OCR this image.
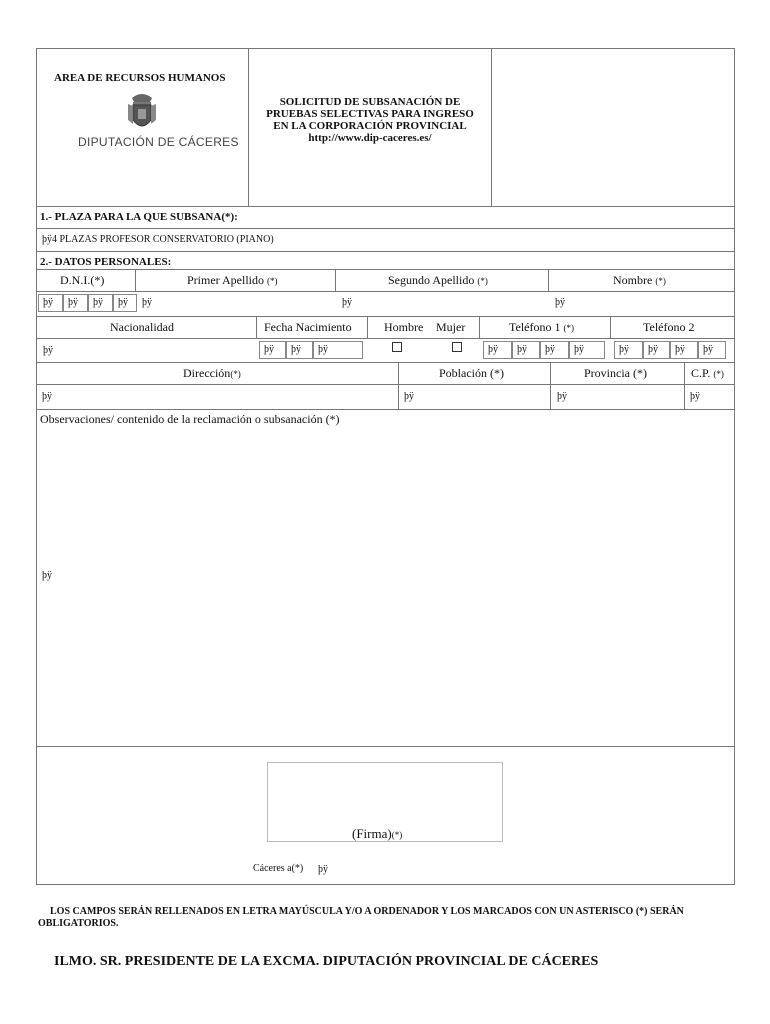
AREA DE RECURSOS HUMANOS
DIPUTACIÓN DE CÁCERES
SOLICITUD DE SUBSANACIÓN DE
PRUEBAS SELECTIVAS PARA INGRESO
EN LA CORPORACIÓN PROVINCIAL
http://www.dip-caceres.es/
1.- PLAZA PARA LA QUE SUBSANA(*):
þÿ4 PLAZAS PROFESOR CONSERVATORIO (PIANO)
2.- DATOS PERSONALES:
D.N.I.(*)	Primer Apellido (*)	Segundo Apellido (*)	Nombre (*)
þÿ	þÿ	þÿ	þÿ	þÿ	þÿ	þÿ
Nacionalidad	Fecha Nacimiento	Hombre Mujer	Teléfono 1 (*)	Teléfono 2
þÿ	þÿ	þÿ	þÿ	þÿ	þÿ	þÿ	þÿ	þÿ	þÿ	þÿ	þÿ
Dirección(*)	Población (*)	Provincia (*)	C.P. (*)
þÿ	þÿ	þÿ	þÿ
Observaciones/ contenido de la reclamación o subsanación (*)
þÿ
(Firma)(*)
Cáceres a(*) þÿ
LOS CAMPOS SERÁN RELLENADOS EN LETRA MAYÚSCULA Y/O A ORDENADOR Y LOS MARCADOS CON UN ASTERISCO (*) SERÁN OBLIGATORIOS.
ILMO. SR. PRESIDENTE DE LA EXCMA. DIPUTACIÓN PROVINCIAL DE CÁCERES
